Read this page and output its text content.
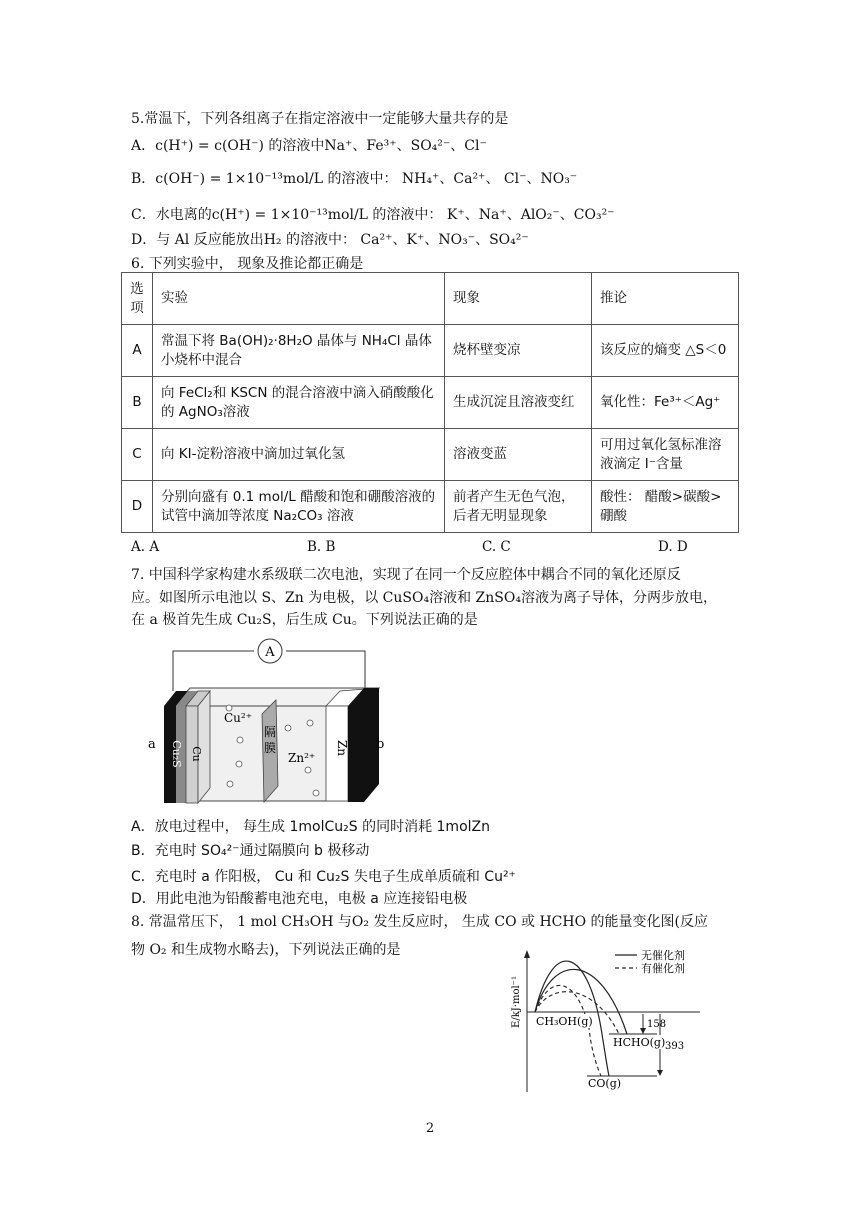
5.常温下，下列各组离子在指定溶液中一定能够大量共存的是
A．c(H⁺) = c(OH⁻) 的溶液中Na⁺、Fe³⁺、SO₄²⁻、Cl⁻
B．c(OH⁻) = 1×10⁻¹³mol/L 的溶液中： NH₄⁺、Ca²⁺、 Cl⁻、NO₃⁻
C．水电离的c(H⁺) = 1×10⁻¹³mol/L 的溶液中： K⁺、Na⁺、AlO₂⁻、CO₃²⁻
D．与 Al 反应能放出H₂ 的溶液中： Ca²⁺、K⁺、NO₃⁻、SO₄²⁻
6. 下列实验中， 现象及推论都正确是
选项	实验	现象	推论
A	常温下将 Ba(OH)₂·8H₂O 晶体与 NH₄Cl 晶体　小烧杯中混合	烧杯壁变凉	该反应的熵变 △S＜0
B	向 FeCl₂和 KSCN 的混合溶液中滴入硝酸酸化的 AgNO₃溶液	生成沉淀且溶液变红	氧化性：Fe³⁺＜Ag⁺
C	向 KI-淀粉溶液中滴加过氧化氢	溶液变蓝	可用过氧化氢标准溶液滴定 I⁻含量
D	分别向盛有 0.1 mol/L 醋酸和饱和硼酸溶液的试管中滴加等浓度 Na₂CO₃ 溶液	前者产生无色气泡，后者无明显现象	酸性： 醋酸>碳酸>硼酸
A. A	B. B	C. C	D. D
7. 中国科学家构建水系级联二次电池，实现了在同一个反应腔体中耦合不同的氧化还原反
应。如图所示电池以 S、Zn 为电极，以 CuSO₄溶液和 ZnSO₄溶液为离子导体，分两步放电，
在 a 极首先生成 Cu₂S，后生成 Cu。下列说法正确的是
A
Cu₂S Cu
a
隔膜	Zn b
Cu²⁺
Zn²⁺
A．放电过程中， 每生成 1molCu₂S 的同时消耗 1molZn
B．充电时 SO₄²⁻通过隔膜向 b 极移动
C．充电时 a 作阳极， Cu 和 Cu₂S 失电子生成单质硫和 Cu²⁺
D．用此电池为铅酸蓄电池充电，电极 a 应连接铅电极
8. 常温常压下， 1 mol CH₃OH 与O₂ 发生反应时， 生成 CO 或 HCHO 的能量变化图(反应
物 O₂ 和生成物水略去)，下列说法正确的是
E/kJ·mol⁻¹
无催化剂
有催化剂
CH₃OH(g)
HCHO(g)
CO(g)
158
393
2
